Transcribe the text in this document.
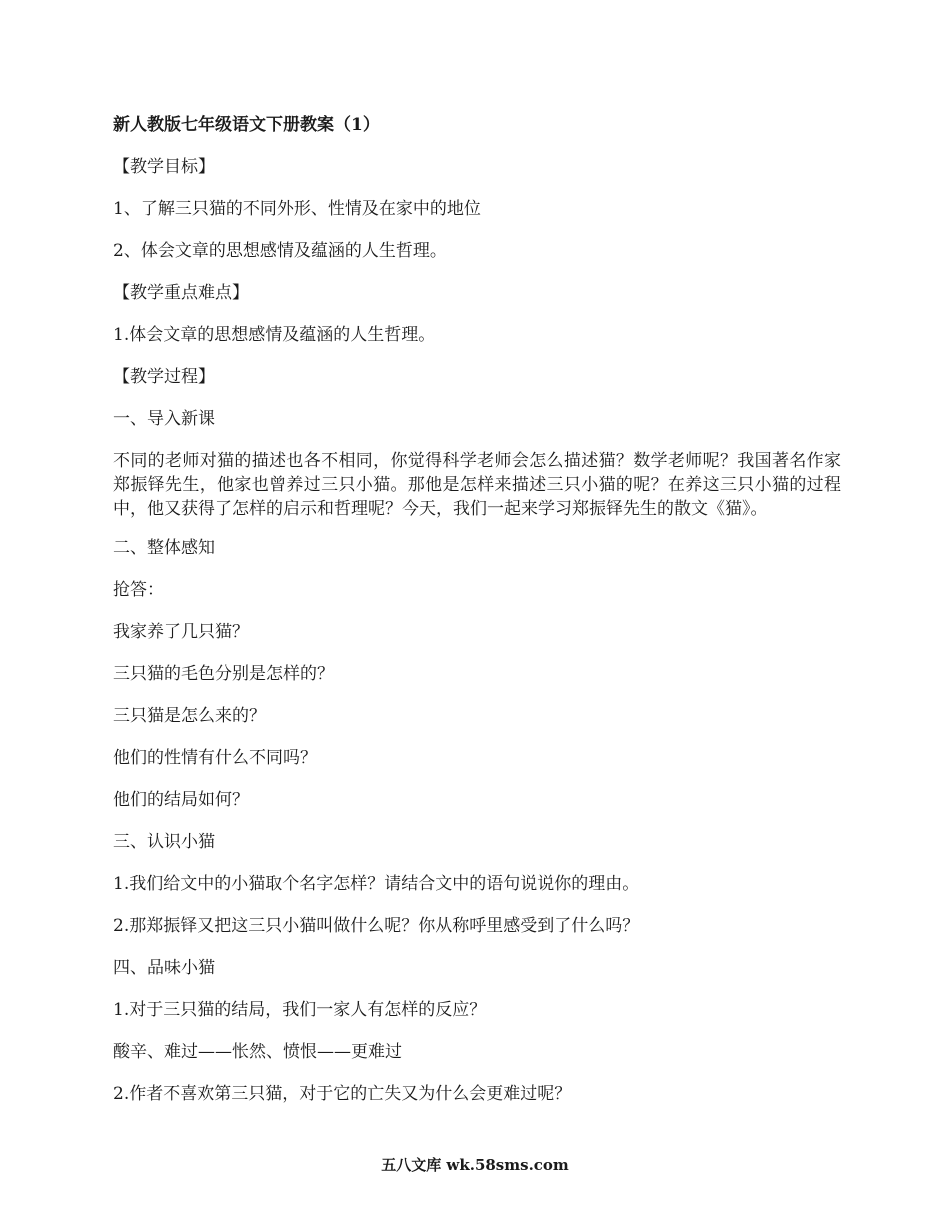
新人教版七年级语文下册教案（1）
【教学目标】
1、了解三只猫的不同外形、性情及在家中的地位
2、体会文章的思想感情及蕴涵的人生哲理。
【教学重点难点】
1.体会文章的思想感情及蕴涵的人生哲理。
【教学过程】
一、导入新课
不同的老师对猫的描述也各不相同，你觉得科学老师会怎么描述猫？数学老师呢？我国著名作家郑振铎先生，他家也曾养过三只小猫。那他是怎样来描述三只小猫的呢？在养这三只小猫的过程中，他又获得了怎样的启示和哲理呢？今天，我们一起来学习郑振铎先生的散文《猫》。
二、整体感知
抢答：
我家养了几只猫？
三只猫的毛色分别是怎样的？
三只猫是怎么来的？
他们的性情有什么不同吗？
他们的结局如何？
三、认识小猫
1.我们给文中的小猫取个名字怎样？请结合文中的语句说说你的理由。
2.那郑振铎又把这三只小猫叫做什么呢？你从称呼里感受到了什么吗？
四、品味小猫
1.对于三只猫的结局，我们一家人有怎样的反应？
酸辛、难过——怅然、愤恨——更难过
2.作者不喜欢第三只猫，对于它的亡失又为什么会更难过呢？
五八文库 wk.58sms.com
